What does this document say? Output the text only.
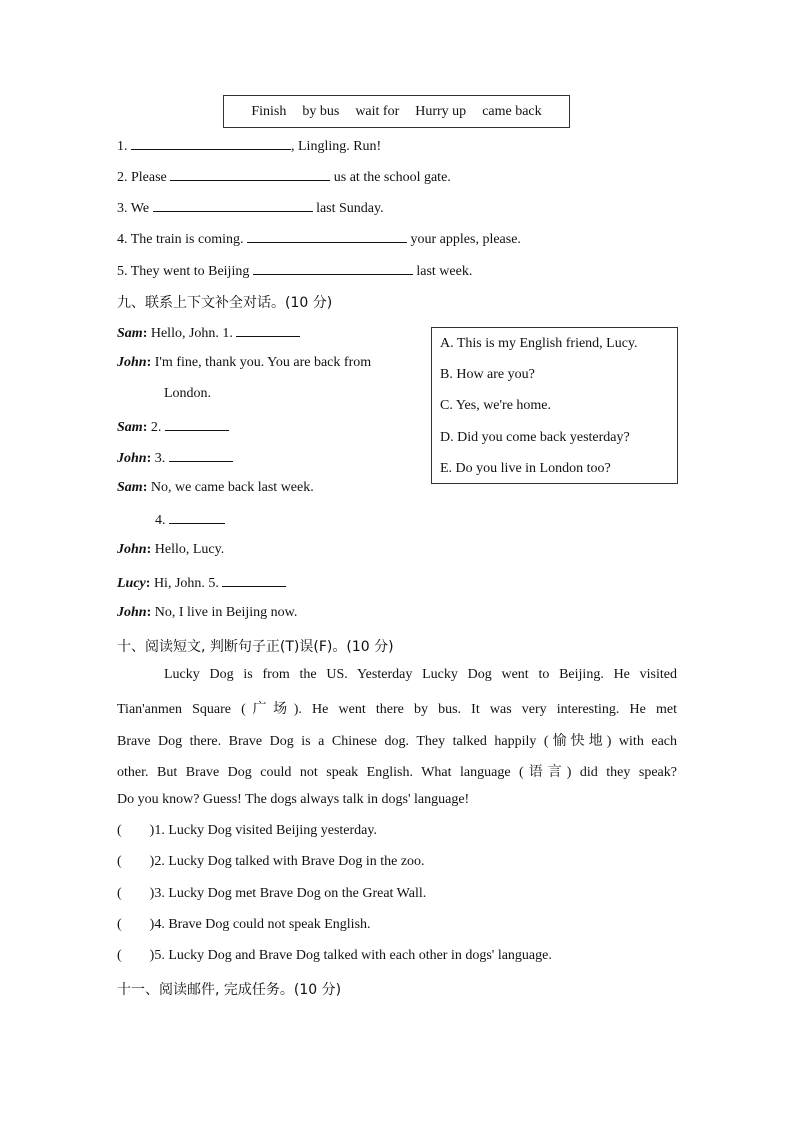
Finish by bus wait for Hurry up came back
1.	, Lingling. Run!
2. Please	us at the school gate.
3. We	last Sunday.
4. The train is coming.	your apples, please.
5. They went to Beijing	last week.
九、联系上下文补全对话。(10 分)
Sam: Hello, John. 1.
John: I'm fine, thank you. You are back from
London.
Sam: 2.
John: 3.
Sam: No, we came back last week.
4.
John: Hello, Lucy.
Lucy: Hi, John. 5.
John: No, I live in Beijing now.
A. This is my English friend, Lucy.
B. How are you?
C. Yes, we're home.
D. Did you come back yesterday?
E. Do you live in London too?
十、阅读短文, 判断句子正(T)误(F)。(10 分)
Lucky Dog is from the US. Yesterday Lucky Dog went to Beijing. He visited
Tian'anmen Square (广场). He went there by bus. It was very interesting. He met
Brave Dog there. Brave Dog is a Chinese dog. They talked happily (愉快地) with each
other. But Brave Dog could not speak English. What language (语言) did they speak?
Do you know? Guess! The dogs always talk in dogs' language!
(        )1. Lucky Dog visited Beijing yesterday.
(        )2. Lucky Dog talked with Brave Dog in the zoo.
(        )3. Lucky Dog met Brave Dog on the Great Wall.
(        )4. Brave Dog could not speak English.
(        )5. Lucky Dog and Brave Dog talked with each other in dogs' language.
十一、阅读邮件, 完成任务。(10 分)
